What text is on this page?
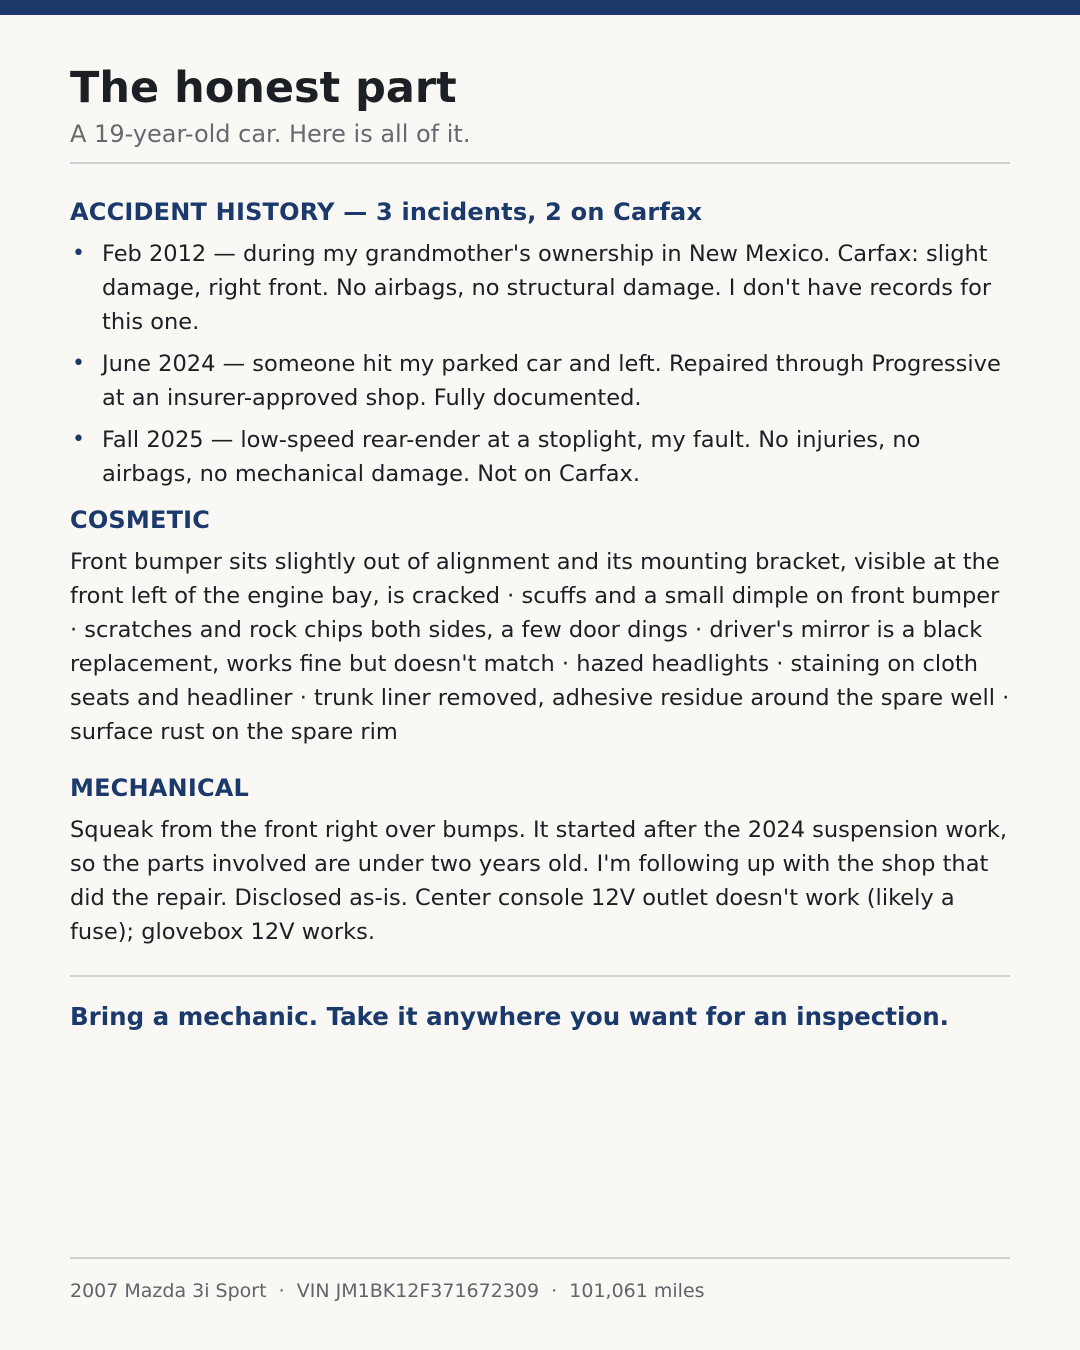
The honest part

A 19-year-old car. Here is all of it.

ACCIDENT HISTORY — 3 incidents, 2 on Carfax
• Feb 2012 — during my grandmother's ownership in New Mexico. Carfax: slight damage, right front. No airbags, no structural damage. I don't have records for this one.
• June 2024 — someone hit my parked car and left. Repaired through Progressive at an insurer-approved shop. Fully documented.
• Fall 2025 — low-speed rear-ender at a stoplight, my fault. No injuries, no airbags, no mechanical damage. Not on Carfax.
COSMETIC

Front bumper sits slightly out of alignment and its mounting bracket, visible at the front left of the engine bay, is cracked · scuffs and a small dimple on front bumper · scratches and rock chips both sides, a few door dings · driver's mirror is a black replacement, works fine but doesn't match · hazed headlights · staining on cloth seats and headliner · trunk liner removed, adhesive residue around the spare well · surface rust on the spare rim

MECHANICAL

Squeak from the front right over bumps. It started after the 2024 suspension work, so the parts involved are under two years old. I'm following up with the shop that did the repair. Disclosed as-is. Center console 12V outlet doesn't work (likely a fuse); glovebox 12V works.

Bring a mechanic. Take it anywhere you want for an inspection.

2007 Mazda 3i Sport  ·  VIN JM1BK12F371672309  ·  101,061 miles
